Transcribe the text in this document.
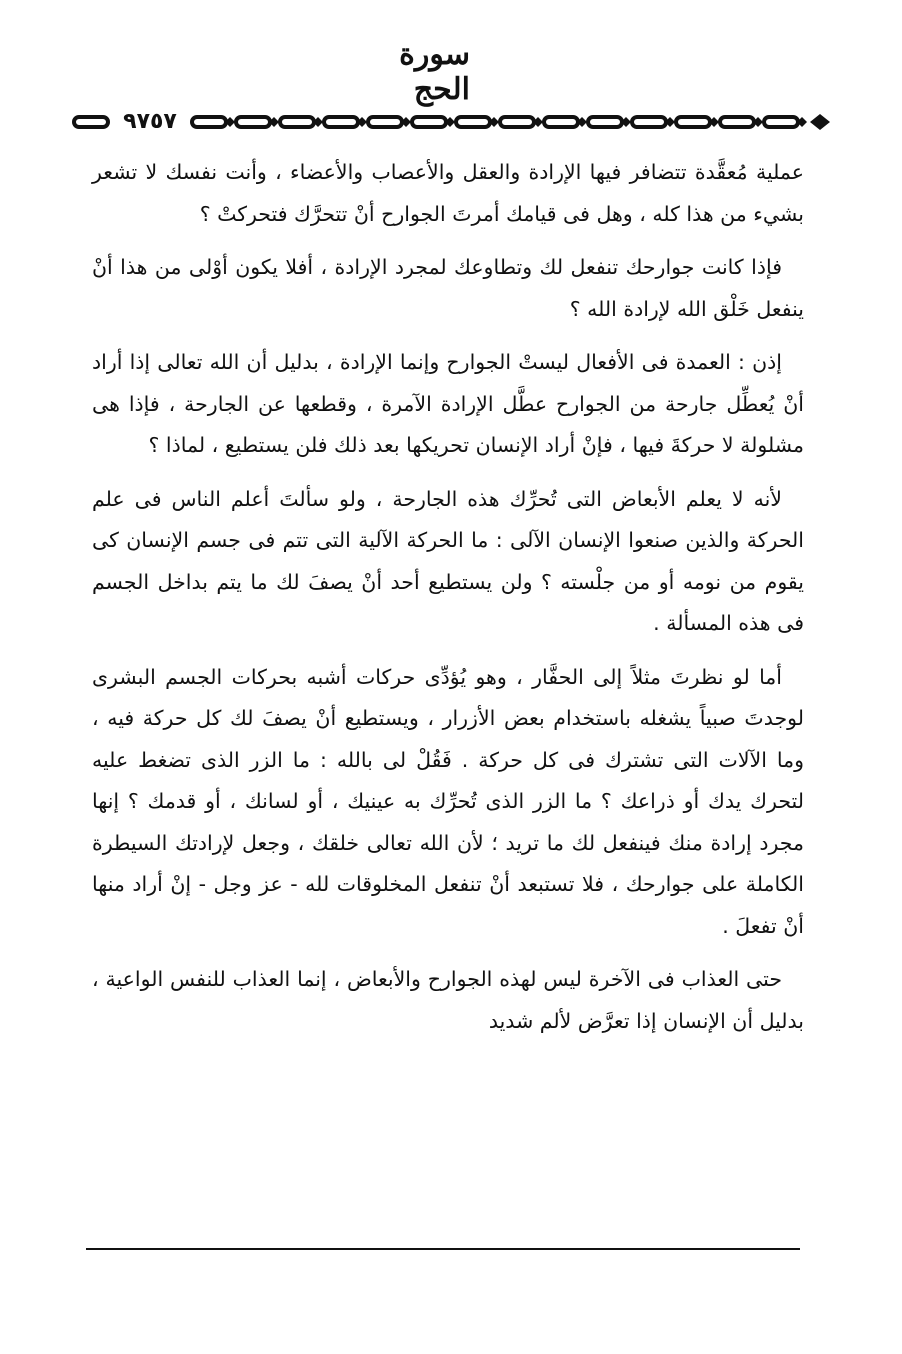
سورة الحج
٩٧٥٧

عملية مُعقَّدة تتضافر فيها الإرادة والعقل والأعصاب والأعضاء ، وأنت نفسك لا تشعر بشيء من هذا كله ، وهل فى قيامك أمرتَ الجوارح أنْ تتحرَّك فتحركتْ ؟

فإذا كانت جوارحك تنفعل لك وتطاوعك لمجرد الإرادة ، أفلا يكون أوْلى من هذا أنْ ينفعل خَلْق الله لإرادة الله ؟

إذن : العمدة فى الأفعال ليستْ الجوارح وإنما الإرادة ، بدليل أن الله تعالى إذا أراد أنْ يُعطِّل جارحة من الجوارح عطَّل الإرادة الآمرة ، وقطعها عن الجارحة ، فإذا هى مشلولة لا حركةَ فيها ، فإنْ أراد الإنسان تحريكها بعد ذلك فلن يستطيع ، لماذا ؟

لأنه لا يعلم الأبعاض التى تُحرِّك هذه الجارحة ، ولو سألتَ أعلم الناس فى علم الحركة والذين صنعوا الإنسان الآلى : ما الحركة الآلية التى تتم فى جسم الإنسان كى يقوم من نومه أو من جلْسته ؟ ولن يستطيع أحد أنْ يصفَ لك ما يتم بداخل الجسم فى هذه المسألة .

أما لو نظرتَ مثلاً إلى الحفَّار ، وهو يُؤدِّى حركات أشبه بحركات الجسم البشرى لوجدتَ صبياً يشغله باستخدام بعض الأزرار ، ويستطيع أنْ يصفَ لك كل حركة فيه ، وما الآلات التى تشترك فى كل حركة . فَقُلْ لى بالله : ما الزر الذى تضغط عليه لتحرك يدك أو ذراعك ؟ ما الزر الذى تُحرِّك به عينيك ، أو لسانك ، أو قدمك ؟ إنها مجرد إرادة منك فينفعل لك ما تريد ؛ لأن الله تعالى خلقك ، وجعل لإرادتك السيطرة الكاملة على جوارحك ، فلا تستبعد أنْ تنفعل المخلوقات لله - عز وجل - إنْ أراد منها أنْ تفعلَ .

حتى العذاب فى الآخرة ليس لهذه الجوارح والأبعاض ، إنما العذاب للنفس الواعية ، بدليل أن الإنسان إذا تعرَّض لألم شديد
